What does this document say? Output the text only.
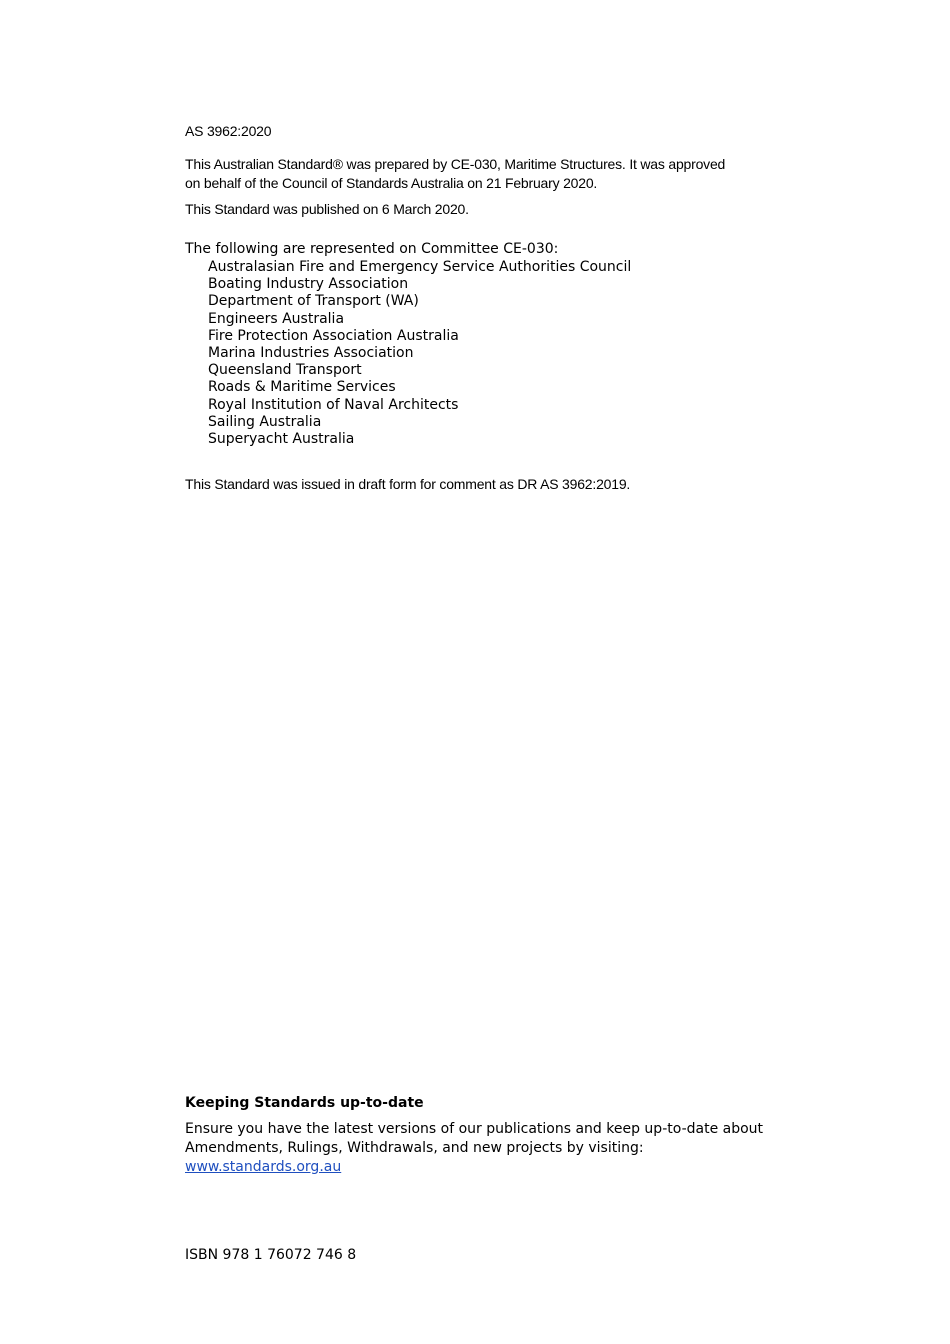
AS 3962:2020

This Australian Standard® was prepared by CE-030, Maritime Structures. It was approved

on behalf of the Council of Standards Australia on 21 February 2020.

This Standard was published on 6 March 2020.

The following are represented on Committee CE-030:

Australasian Fire and Emergency Service Authorities Council
Boating Industry Association
Department of Transport (WA)
Engineers Australia
Fire Protection Association Australia
Marina Industries Association
Queensland Transport
Roads & Maritime Services
Royal Institution of Naval Architects
Sailing Australia
Superyacht Australia
This Standard was issued in draft form for comment as DR AS 3962:2019.

Keeping Standards up-to-date

Ensure you have the latest versions of our publications and keep up-to-date about
Amendments, Rulings, Withdrawals, and new projects by visiting:
www.standards.org.au

ISBN 978 1 76072 746 8
